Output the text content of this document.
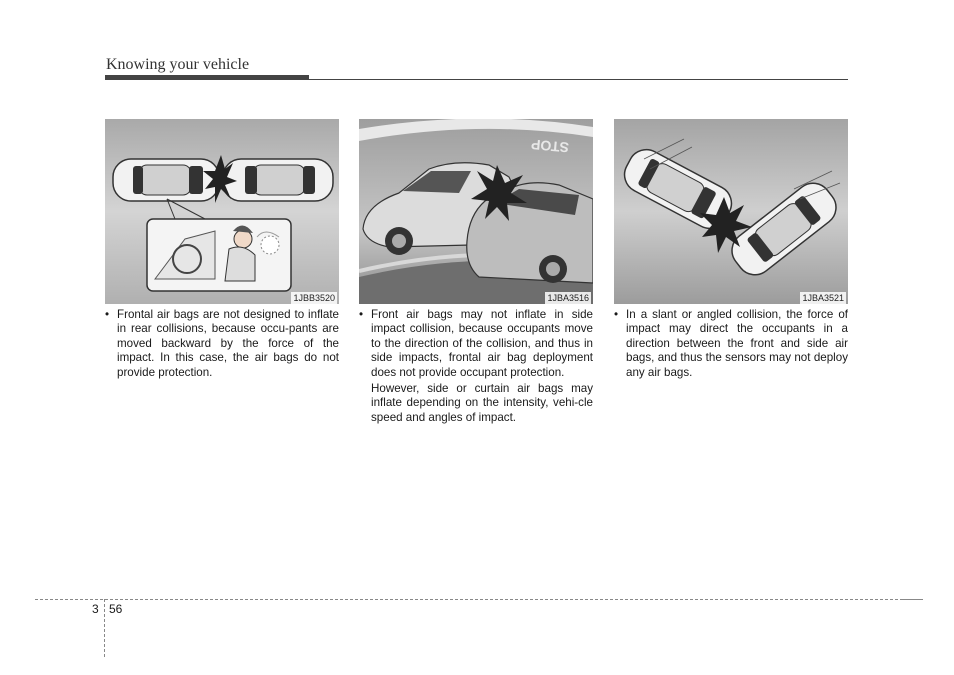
Knowing your vehicle
1JBB3520
STOP
1JBA3516	1JBA3521

• Frontal air bags are not designed to inflate in rear collisions, because occu-pants are moved backward by the force of the impact. In this case, the air bags do not provide protection.

• Front air bags may not inflate in side impact collision, because occupants move to the direction of the collision, and thus in side impacts, frontal air bag deployment does not provide occupant protection.

However, side or curtain air bags may inflate depending on the intensity, vehi-cle speed and angles of impact.

• In a slant or angled collision, the force of impact may direct the occupants in a direction between the front and side air bags, and thus the sensors may not deploy any air bags.

3 56
